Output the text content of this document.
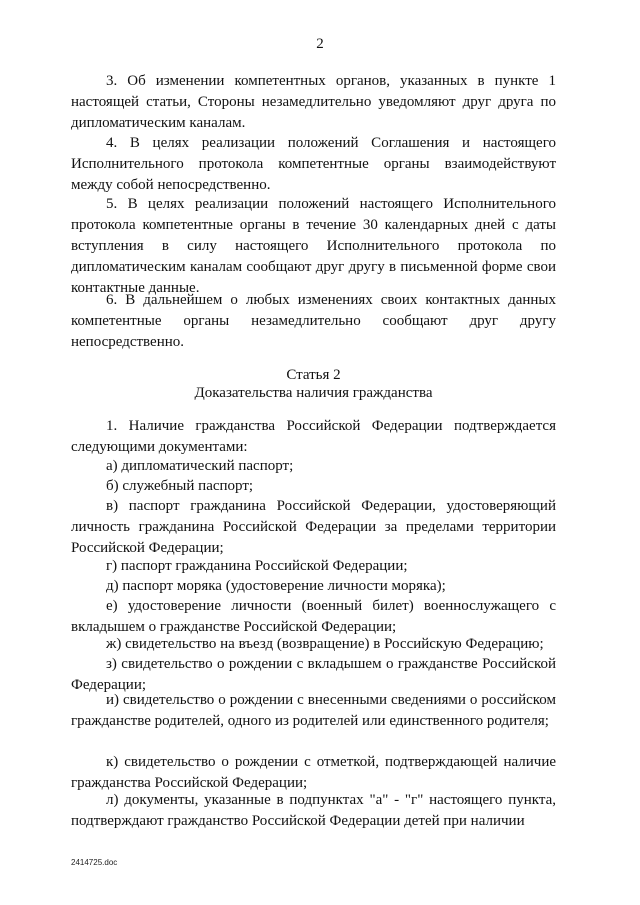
2

3. Об изменении компетентных органов, указанных в пункте 1 настоящей статьи, Стороны незамедлительно уведомляют друг друга по дипломатическим каналам.

4. В целях реализации положений Соглашения и настоящего Исполнительного протокола компетентные органы взаимодействуют между собой непосредственно.

5. В целях реализации положений настоящего Исполнительного протокола компетентные органы в течение 30 календарных дней с даты вступления в силу настоящего Исполнительного протокола по дипломатическим каналам сообщают друг другу в письменной форме свои контактные данные.

6. В дальнейшем о любых изменениях своих контактных данных компетентные органы незамедлительно сообщают друг другу непосредственно.

Статья 2

Доказательства наличия гражданства

1. Наличие гражданства Российской Федерации подтверждается следующими документами:

а) дипломатический паспорт;

б) служебный паспорт;

в) паспорт гражданина Российской Федерации, удостоверяющий личность гражданина Российской Федерации за пределами территории Российской Федерации;

г) паспорт гражданина Российской Федерации;

д) паспорт моряка (удостоверение личности моряка);

е) удостоверение личности (военный билет) военнослужащего с вкладышем о гражданстве Российской Федерации;

ж) свидетельство на въезд (возвращение) в Российскую Федерацию;

з) свидетельство о рождении с вкладышем о гражданстве Российской Федерации;

и) свидетельство о рождении с внесенными сведениями о российском гражданстве родителей, одного из родителей или единственного родителя;

к) свидетельство о рождении с отметкой, подтверждающей наличие гражданства Российской Федерации;

л) документы, указанные в подпунктах "а" - "г" настоящего пункта, подтверждают гражданство Российской Федерации детей при наличии

2414725.doc
